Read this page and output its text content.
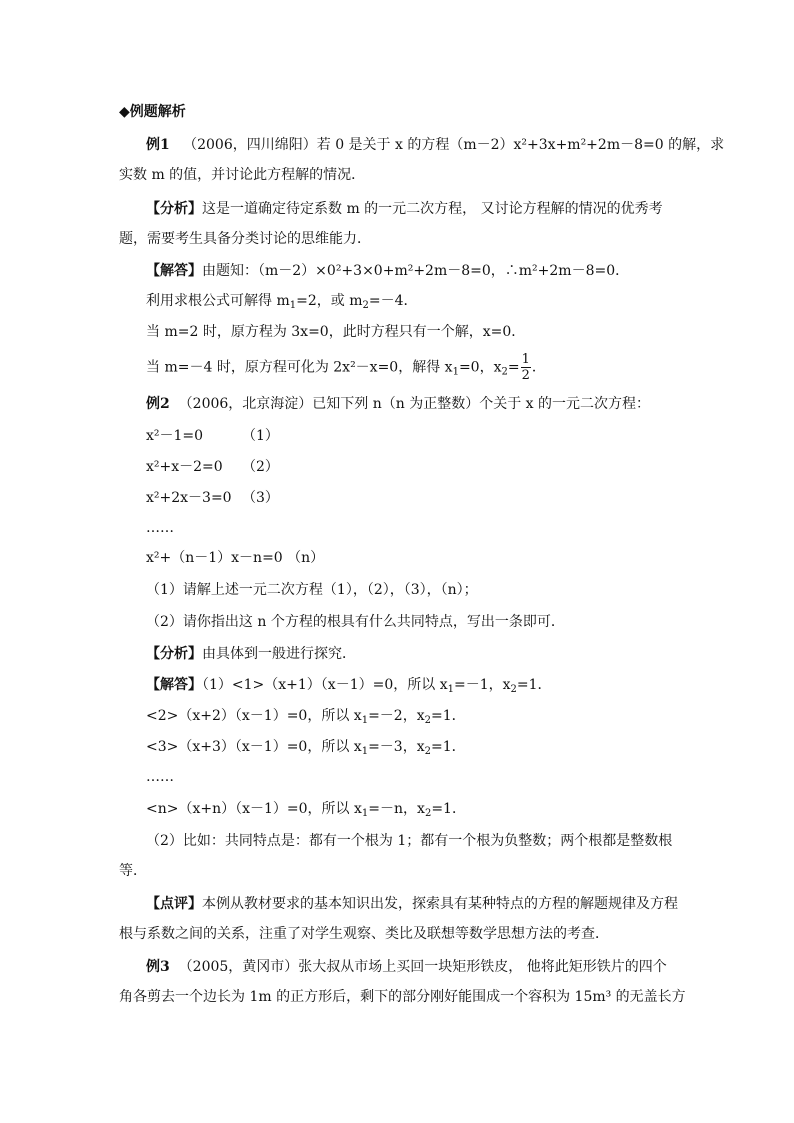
◆例题解析
例1 （2006，四川绵阳）若 0 是关于 x 的方程（m－2）x²+3x+m²+2m－8=0 的解，求
实数 m 的值，并讨论此方程解的情况．
【分析】这是一道确定待定系数 m 的一元二次方程， 又讨论方程解的情况的优秀考
题，需要考生具备分类讨论的思维能力．
【解答】由题知：（m－2）×0²+3×0+m²+2m－8=0，∴m²+2m－8=0．
利用求根公式可解得 $m_1=2$，或 $m_2=-4$．
当 m=2 时，原方程为 3x=0，此时方程只有一个解，x=0．
当 m=－4 时，原方程可化为 2x²－x=0，解得 $x_1=0$，$x_2= \frac{1}{2}$ ．
例2 （2006，北京海淀）已知下列 n（n 为正整数）个关于 x 的一元二次方程：
x²－1=0	（1）
x²+x－2=0 （2）
x²+2x－3=0 （3）
……
x²+（n－1）x－n=0 （n）
（1）请解上述一元二次方程（1），（2），（3），（n）；
（2）请你指出这 n 个方程的根具有什么共同特点，写出一条即可．
【分析】由具体到一般进行探究．
【解答】（1）<1>（x+1）（x－1）=0，所以 $x_1=-1$，$x_2=1$．
<2>（x+2）（x－1）=0，所以 $x_1=-2$，$x_2=1$．
<3>（x+3）（x－1）=0，所以 $x_1=-3$，$x_2=1$．
……
<n>（x+n）（x－1）=0，所以 $x_1=-n$，$x_2=1$．
（2）比如：共同特点是：都有一个根为 1；都有一个根为负整数；两个根都是整数根
等．
【点评】本例从教材要求的基本知识出发，探索具有某种特点的方程的解题规律及方程
根与系数之间的关系，注重了对学生观察、类比及联想等数学思想方法的考查．
例3 （2005，黄冈市）张大叔从市场上买回一块矩形铁皮， 他将此矩形铁片的四个
角各剪去一个边长为 1m 的正方形后，剩下的部分刚好能围成一个容积为 15m³ 的无盖长方
